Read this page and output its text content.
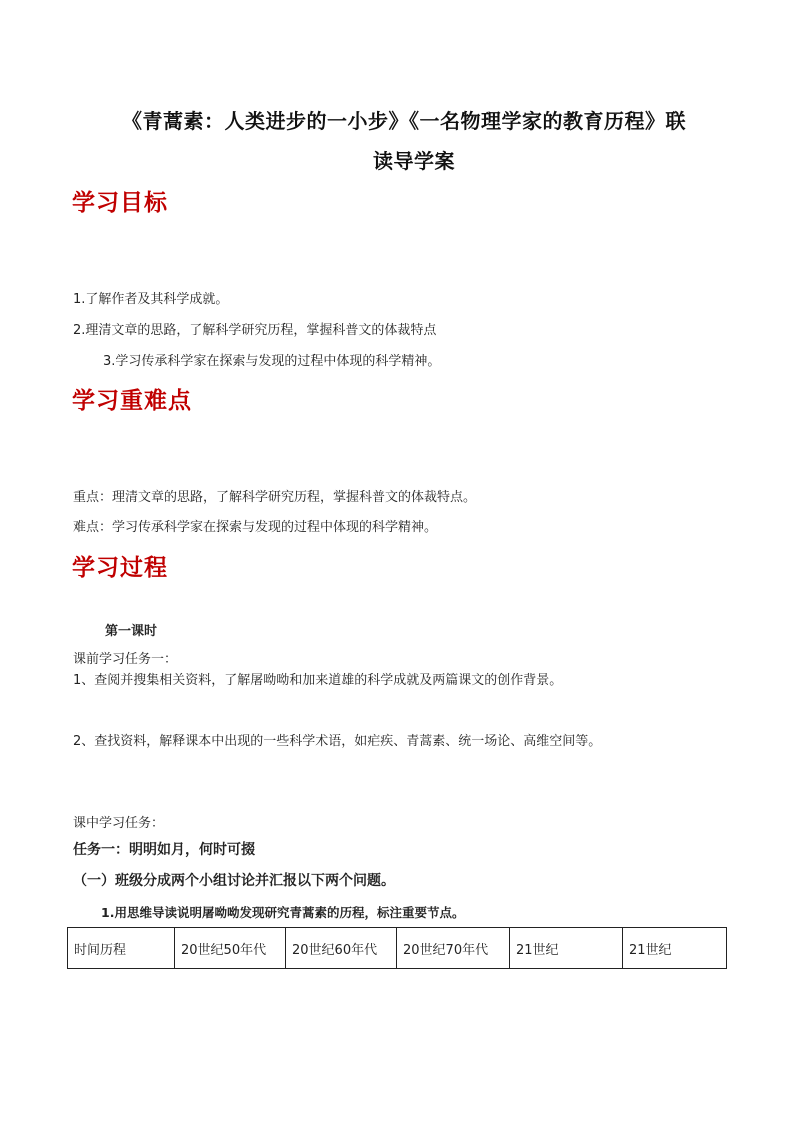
《青蒿素：人类进步的一小步》《一名物理学家的教育历程》联
读导学案
学习目标
1.了解作者及其科学成就。
2.理清文章的思路，了解科学研究历程，掌握科普文的体裁特点
3.学习传承科学家在探索与发现的过程中体现的科学精神。
学习重难点
重点：理清文章的思路，了解科学研究历程，掌握科普文的体裁特点。
难点：学习传承科学家在探索与发现的过程中体现的科学精神。
学习过程
第一课时
课前学习任务一：
1、查阅并搜集相关资料，了解屠呦呦和加来道雄的科学成就及两篇课文的创作背景。
2、查找资料，解释课本中出现的一些科学术语，如疟疾、青蒿素、统一场论、高维空间等。
课中学习任务：
任务一：明明如月，何时可掇
（一）班级分成两个小组讨论并汇报以下两个问题。
1.用思维导读说明屠呦呦发现研究青蒿素的历程，标注重要节点。
时间历程	20世纪50年代	20世纪60年代	20世纪70年代	21世纪	21世纪
